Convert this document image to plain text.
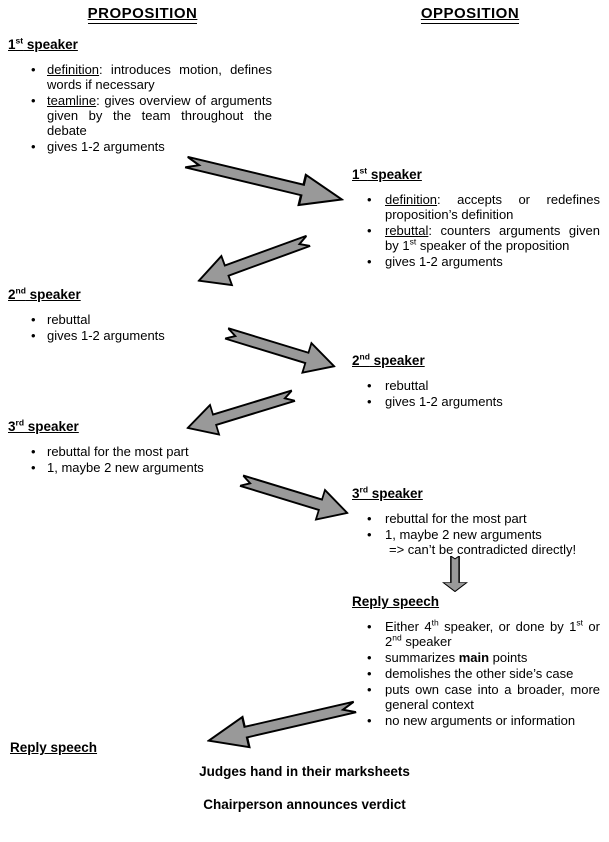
PROPOSITION	OPPOSITION
1st speaker
• definition: introduces motion, defines words if necessary
• teamline: gives overview of arguments given by the team throughout the debate
• gives 1-2 arguments
1st speaker
• definition: accepts or redefines proposition’s definition
• rebuttal: counters arguments given by 1st speaker of the proposition
• gives 1-2 arguments
2nd speaker
• rebuttal
• gives 1-2 arguments
2nd speaker
• rebuttal
• gives 1-2 arguments
3rd speaker
• rebuttal for the most part
• 1, maybe 2 new arguments
3rd speaker
• rebuttal for the most part
• 1, maybe 2 new arguments
=> can’t be contradicted directly!
Reply speech
• Either 4th speaker, or done by 1st or 2nd speaker
• summarizes main points
• demolishes the other side’s case
• puts own case into a broader, more general context
• no new arguments or information
Reply speech
Judges hand in their marksheets
Chairperson announces verdict
